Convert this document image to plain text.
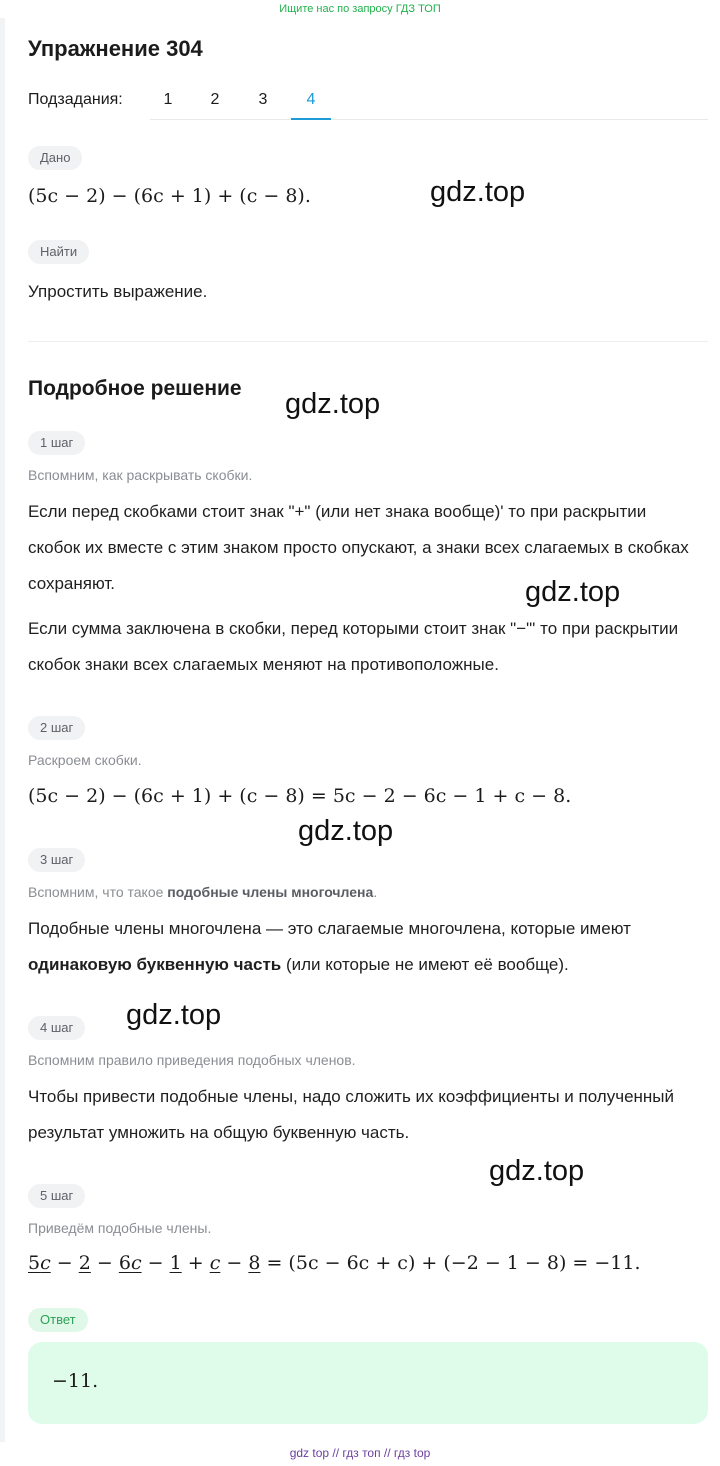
Ищите нас по запросу ГДЗ ТОП
Упражнение 304
Подзадания:	1	2	3	4
Дано
(5c − 2) − (6c + 1) + (c − 8).
Найти
Упростить выражение.
Подробное решение
1 шаг
Вспомним, как раскрывать скобки.
Если перед скобками стоит знак "+" (или нет знака вообще)' то при раскрытии скобок их вместе с этим знаком просто опускают, а знаки всех слагаемых в скобках сохраняют.
Если сумма заключена в скобки, перед которыми стоит знак "−"' то при раскрытии скобок знаки всех слагаемых меняют на противоположные.
2 шаг
Раскроем скобки.
(5c − 2) − (6c + 1) + (c − 8) = 5c − 2 − 6c − 1 + c − 8.
3 шаг
Вспомним, что такое подобные члены многочлена.
Подобные члены многочлена — это слагаемые многочлена, которые имеют одинаковую буквенную часть (или которые не имеют её вообще).
4 шаг
Вспомним правило приведения подобных членов.
Чтобы привести подобные члены, надо сложить их коэффициенты и полученный результат умножить на общую буквенную часть.
5 шаг
Приведём подобные члены.
5c − 2 − 6c − 1 + c − 8 = (5c − 6c + c) + (−2 − 1 − 8) = −11.
Ответ
−11.
gdz.top
gdz.top
gdz.top
gdz.top
gdz.top
gdz.top
gdz top // гдз топ // гдз top
